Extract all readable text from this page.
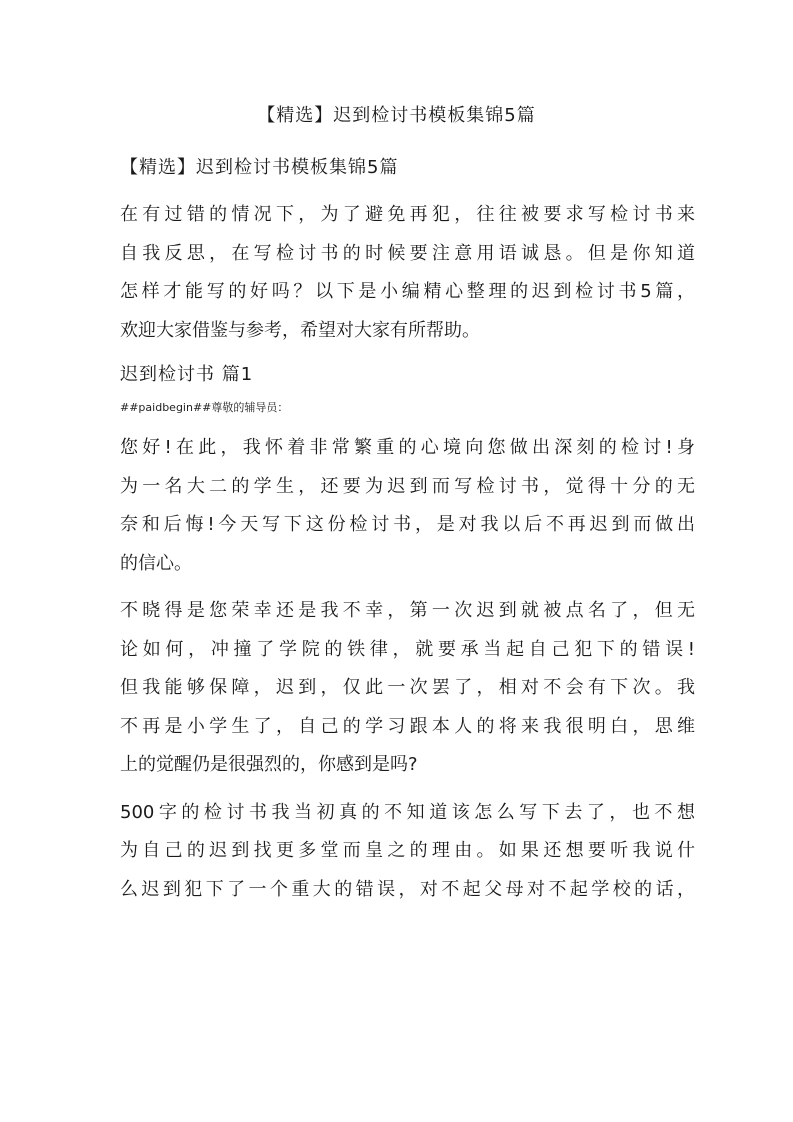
【精选】迟到检讨书模板集锦5篇
【精选】迟到检讨书模板集锦5篇
在有过错的情况下，为了避免再犯，往往被要求写检讨书来
自我反思，在写检讨书的时候要注意用语诚恳。但是你知道
怎样才能写的好吗？以下是小编精心整理的迟到检讨书5篇，
欢迎大家借鉴与参考，希望对大家有所帮助。
迟到检讨书 篇1
##paidbegin##尊敬的辅导员：
您好!在此，我怀着非常繁重的心境向您做出深刻的检讨!身
为一名大二的学生，还要为迟到而写检讨书，觉得十分的无
奈和后悔!今天写下这份检讨书，是对我以后不再迟到而做出
的信心。
不晓得是您荣幸还是我不幸，第一次迟到就被点名了，但无
论如何，冲撞了学院的铁律，就要承当起自己犯下的错误!
但我能够保障，迟到，仅此一次罢了，相对不会有下次。我
不再是小学生了，自己的学习跟本人的将来我很明白，思维
上的觉醒仍是很强烈的，你感到是吗?
500字的检讨书我当初真的不知道该怎么写下去了，也不想
为自己的迟到找更多堂而皇之的理由。如果还想要听我说什
么迟到犯下了一个重大的错误，对不起父母对不起学校的话，
